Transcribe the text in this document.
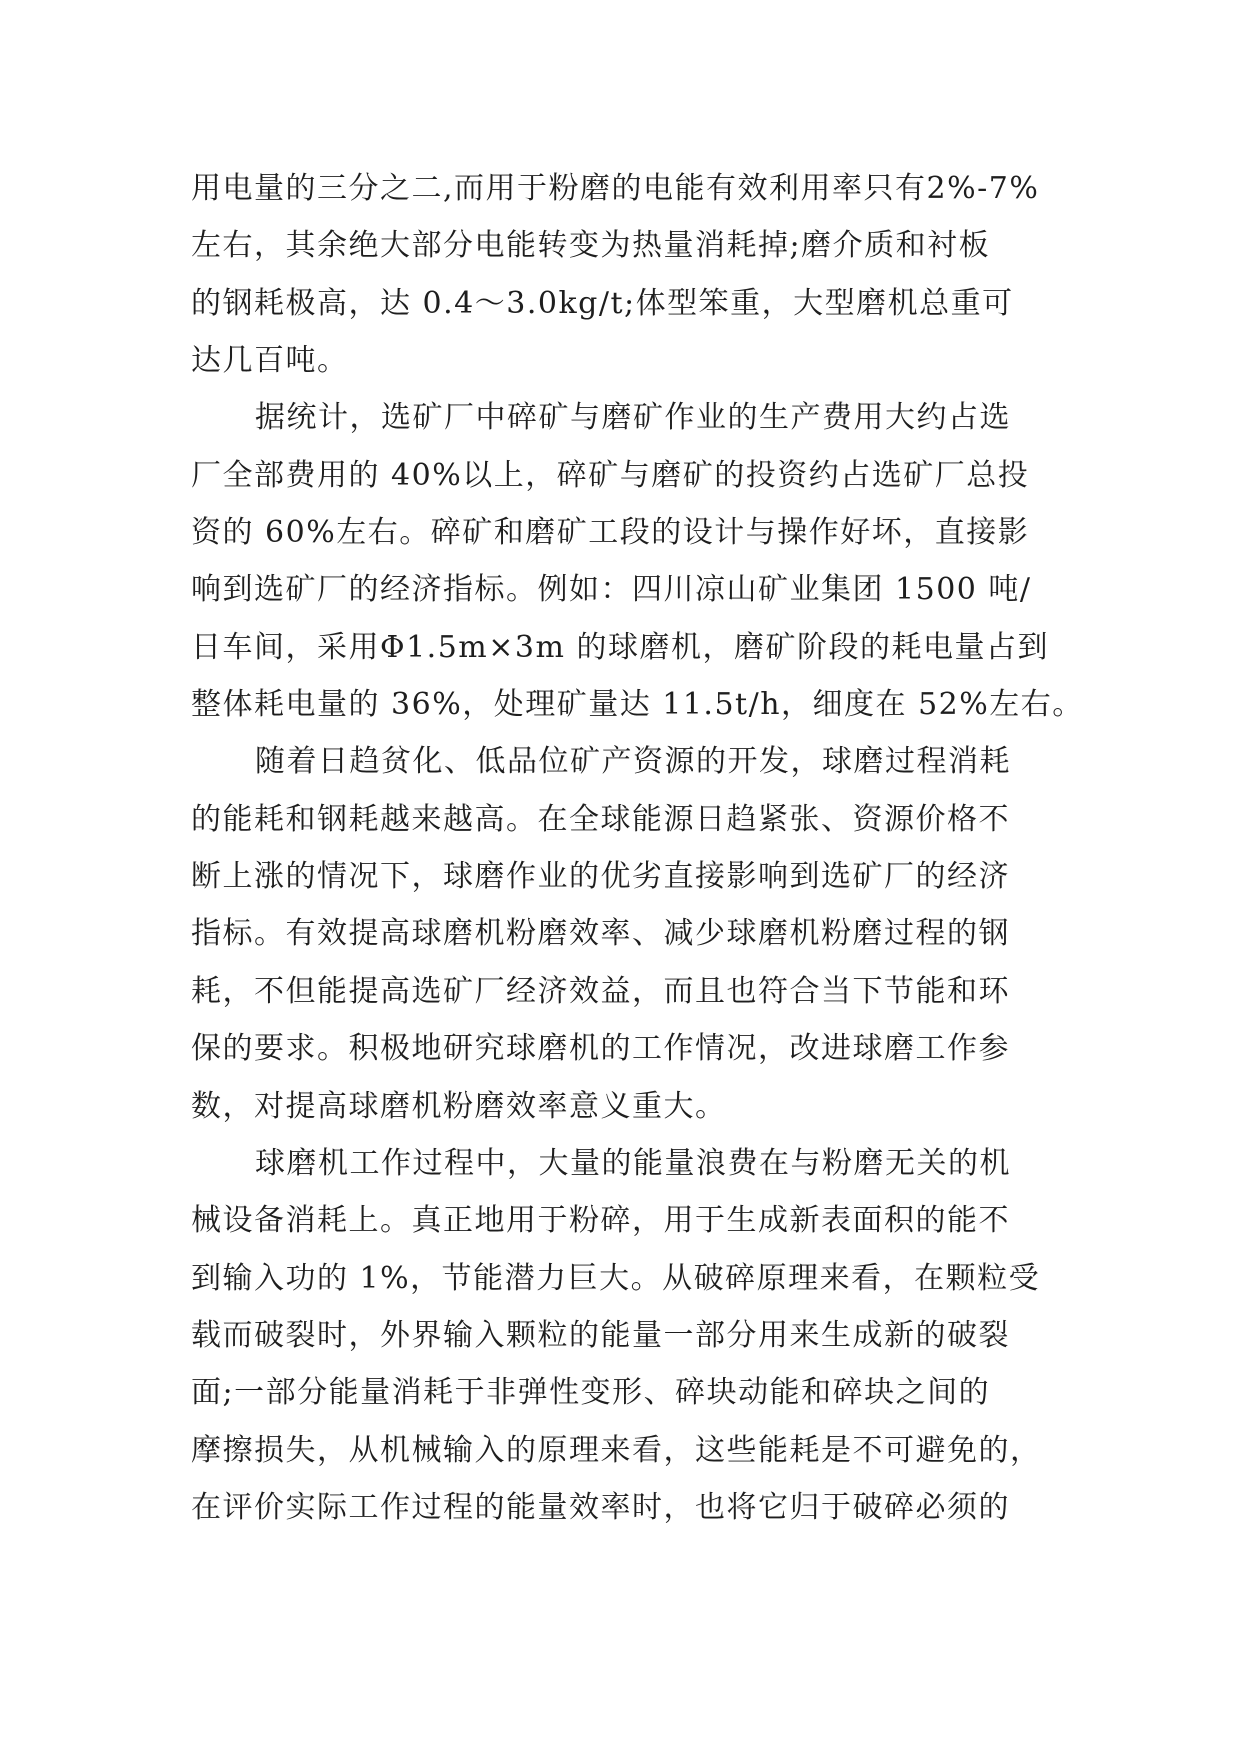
用电量的三分之二,而用于粉磨的电能有效利用率只有2%-7%
左右，其余绝大部分电能转变为热量消耗掉;磨介质和衬板
的钢耗极高，达 0.4～3.0kg/t;体型笨重，大型磨机总重可
达几百吨。
据统计，选矿厂中碎矿与磨矿作业的生产费用大约占选
厂全部费用的 40%以上，碎矿与磨矿的投资约占选矿厂总投
资的 60%左右。碎矿和磨矿工段的设计与操作好坏，直接影
响到选矿厂的经济指标。例如：四川凉山矿业集团 1500 吨/
日车间，采用Φ1.5m×3m 的球磨机，磨矿阶段的耗电量占到
整体耗电量的 36%，处理矿量达 11.5t/h，细度在 52%左右。
随着日趋贫化、低品位矿产资源的开发，球磨过程消耗
的能耗和钢耗越来越高。在全球能源日趋紧张、资源价格不
断上涨的情况下，球磨作业的优劣直接影响到选矿厂的经济
指标。有效提高球磨机粉磨效率、减少球磨机粉磨过程的钢
耗，不但能提高选矿厂经济效益，而且也符合当下节能和环
保的要求。积极地研究球磨机的工作情况，改进球磨工作参
数，对提高球磨机粉磨效率意义重大。
球磨机工作过程中，大量的能量浪费在与粉磨无关的机
械设备消耗上。真正地用于粉碎，用于生成新表面积的能不
到输入功的 1%，节能潜力巨大。从破碎原理来看，在颗粒受
载而破裂时，外界输入颗粒的能量一部分用来生成新的破裂
面;一部分能量消耗于非弹性变形、碎块动能和碎块之间的
摩擦损失，从机械输入的原理来看，这些能耗是不可避免的，
在评价实际工作过程的能量效率时，也将它归于破碎必须的
